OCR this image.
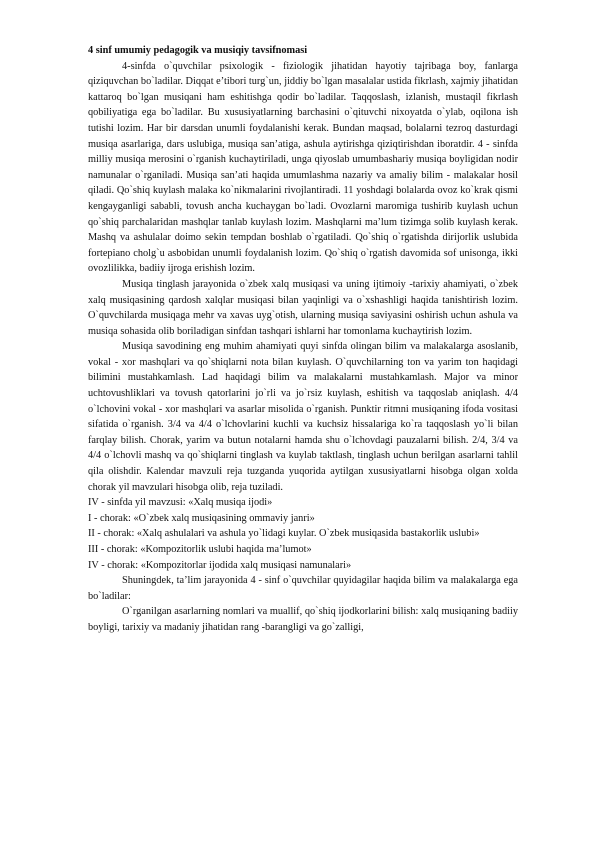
4 sinf umumiy pedagogik va musiqiy tavsifnomasi

4-sinfda o`quvchilar psixologik - fiziologik jihatidan hayotiy tajribaga boy, fanlarga qiziquvchan bo`ladilar. Diqqat e’tibori turg`un, jiddiy bo`lgan masalalar ustida fikrlash, xajmiy jihatidan kattaroq bo`lgan musiqani ham eshitishga qodir bo`ladilar. Taqqoslash, izlanish, mustaqil fikrlash qobiliyatiga ega bo`ladilar. Bu xususiyatlarning barchasini o`qituvchi nixoyatda o`ylab, oqilona ish tutishi lozim. Har bir darsdan unumli foydalanishi kerak. Bundan maqsad, bolalarni tezroq dasturdagi musiqa asarlariga, dars uslubiga, musiqa san’atiga, ashula aytirishga qiziqtirishdan iboratdir. 4 - sinfda milliy musiqa merosini o`rganish kuchaytiriladi, unga qiyoslab umumbashariy musiqa boyligidan nodir namunalar o`rganiladi. Musiqa san’ati haqida umumlashma nazariy va amaliy bilim - malakalar hosil qiladi. Qo`shiq kuylash malaka ko`nikmalarini rivojlantiradi. 11 yoshdagi bolalarda ovoz ko`krak qismi kengayganligi sababli, tovush ancha kuchaygan bo`ladi. Ovozlarni maromiga tushirib kuylash uchun qo`shiq parchalaridan mashqlar tanlab kuylash lozim. Mashqlarni ma’lum tizimga solib kuylash kerak. Mashq va ashulalar doimo sekin tempdan boshlab o`rgatiladi. Qo`shiq o`rgatishda dirijorlik uslubida fortepiano cholg`u asbobidan unumli foydalanish lozim. Qo`shiq o`rgatish davomida sof unisonga, ikki ovozlilikka, badiiy ijroga erishish lozim.

Musiqa tinglash jarayonida o`zbek xalq musiqasi va uning ijtimoiy -tarixiy ahamiyati, o`zbek xalq musiqasining qardosh xalqlar musiqasi bilan yaqinligi va o`xshashligi haqida tanishtirish lozim. O`quvchilarda musiqaga mehr va xavas uyg`otish, ularning musiqa saviyasini oshirish uchun ashula va musiqa sohasida olib boriladigan sinfdan tashqari ishlarni har tomonlama kuchaytirish lozim.

Musiqa savodining eng muhim ahamiyati quyi sinfda olingan bilim va malakalarga asoslanib, vokal - xor mashqlari va qo`shiqlarni nota bilan kuylash. O`quvchilarning ton va yarim ton haqidagi bilimini mustahkamlash. Lad haqidagi bilim va malakalarni mustahkamlash. Major va minor uchtovushliklari va tovush qatorlarini jo`rli va jo`rsiz kuylash, eshitish va taqqoslab aniqlash. 4/4 o`lchovini vokal - xor mashqlari va asarlar misolida o`rganish. Punktir ritmni musiqaning ifoda vositasi sifatida o`rganish. 3/4 va 4/4 o`lchovlarini kuchli va kuchsiz hissalariga ko`ra taqqoslash yo`li bilan farqlay bilish. Chorak, yarim va butun notalarni hamda shu o`lchovdagi pauzalarni bilish. 2/4, 3/4 va 4/4 o`lchovli mashq va qo`shiqlarni tinglash va kuylab taktlash, tinglash uchun berilgan asarlarni tahlil qila olishdir. Kalendar mavzuli reja tuzganda yuqorida aytilgan xususiyatlarni hisobga olgan xolda chorak yil mavzulari hisobga olib, reja tuziladi.

IV - sinfda yil mavzusi: «Xalq musiqa ijodi»

I - chorak: «O`zbek xalq musiqasining ommaviy janri»

II - chorak: «Xalq ashulalari va ashula yo`lidagi kuylar. O`zbek musiqasida bastakorlik uslubi»

III - chorak: «Kompozitorlik uslubi haqida ma’lumot»

IV - chorak: «Kompozitorlar ijodida xalq musiqasi namunalari»

Shuningdek, ta’lim jarayonida 4 - sinf o`quvchilar quyidagilar haqida bilim va malakalarga ega bo`ladilar:

O`rganilgan asarlarning nomlari va muallif, qo`shiq ijodkorlarini bilish: xalq musiqaning badiiy boyligi, tarixiy va madaniy jihatidan rang -barangligi va go`zalligi,
